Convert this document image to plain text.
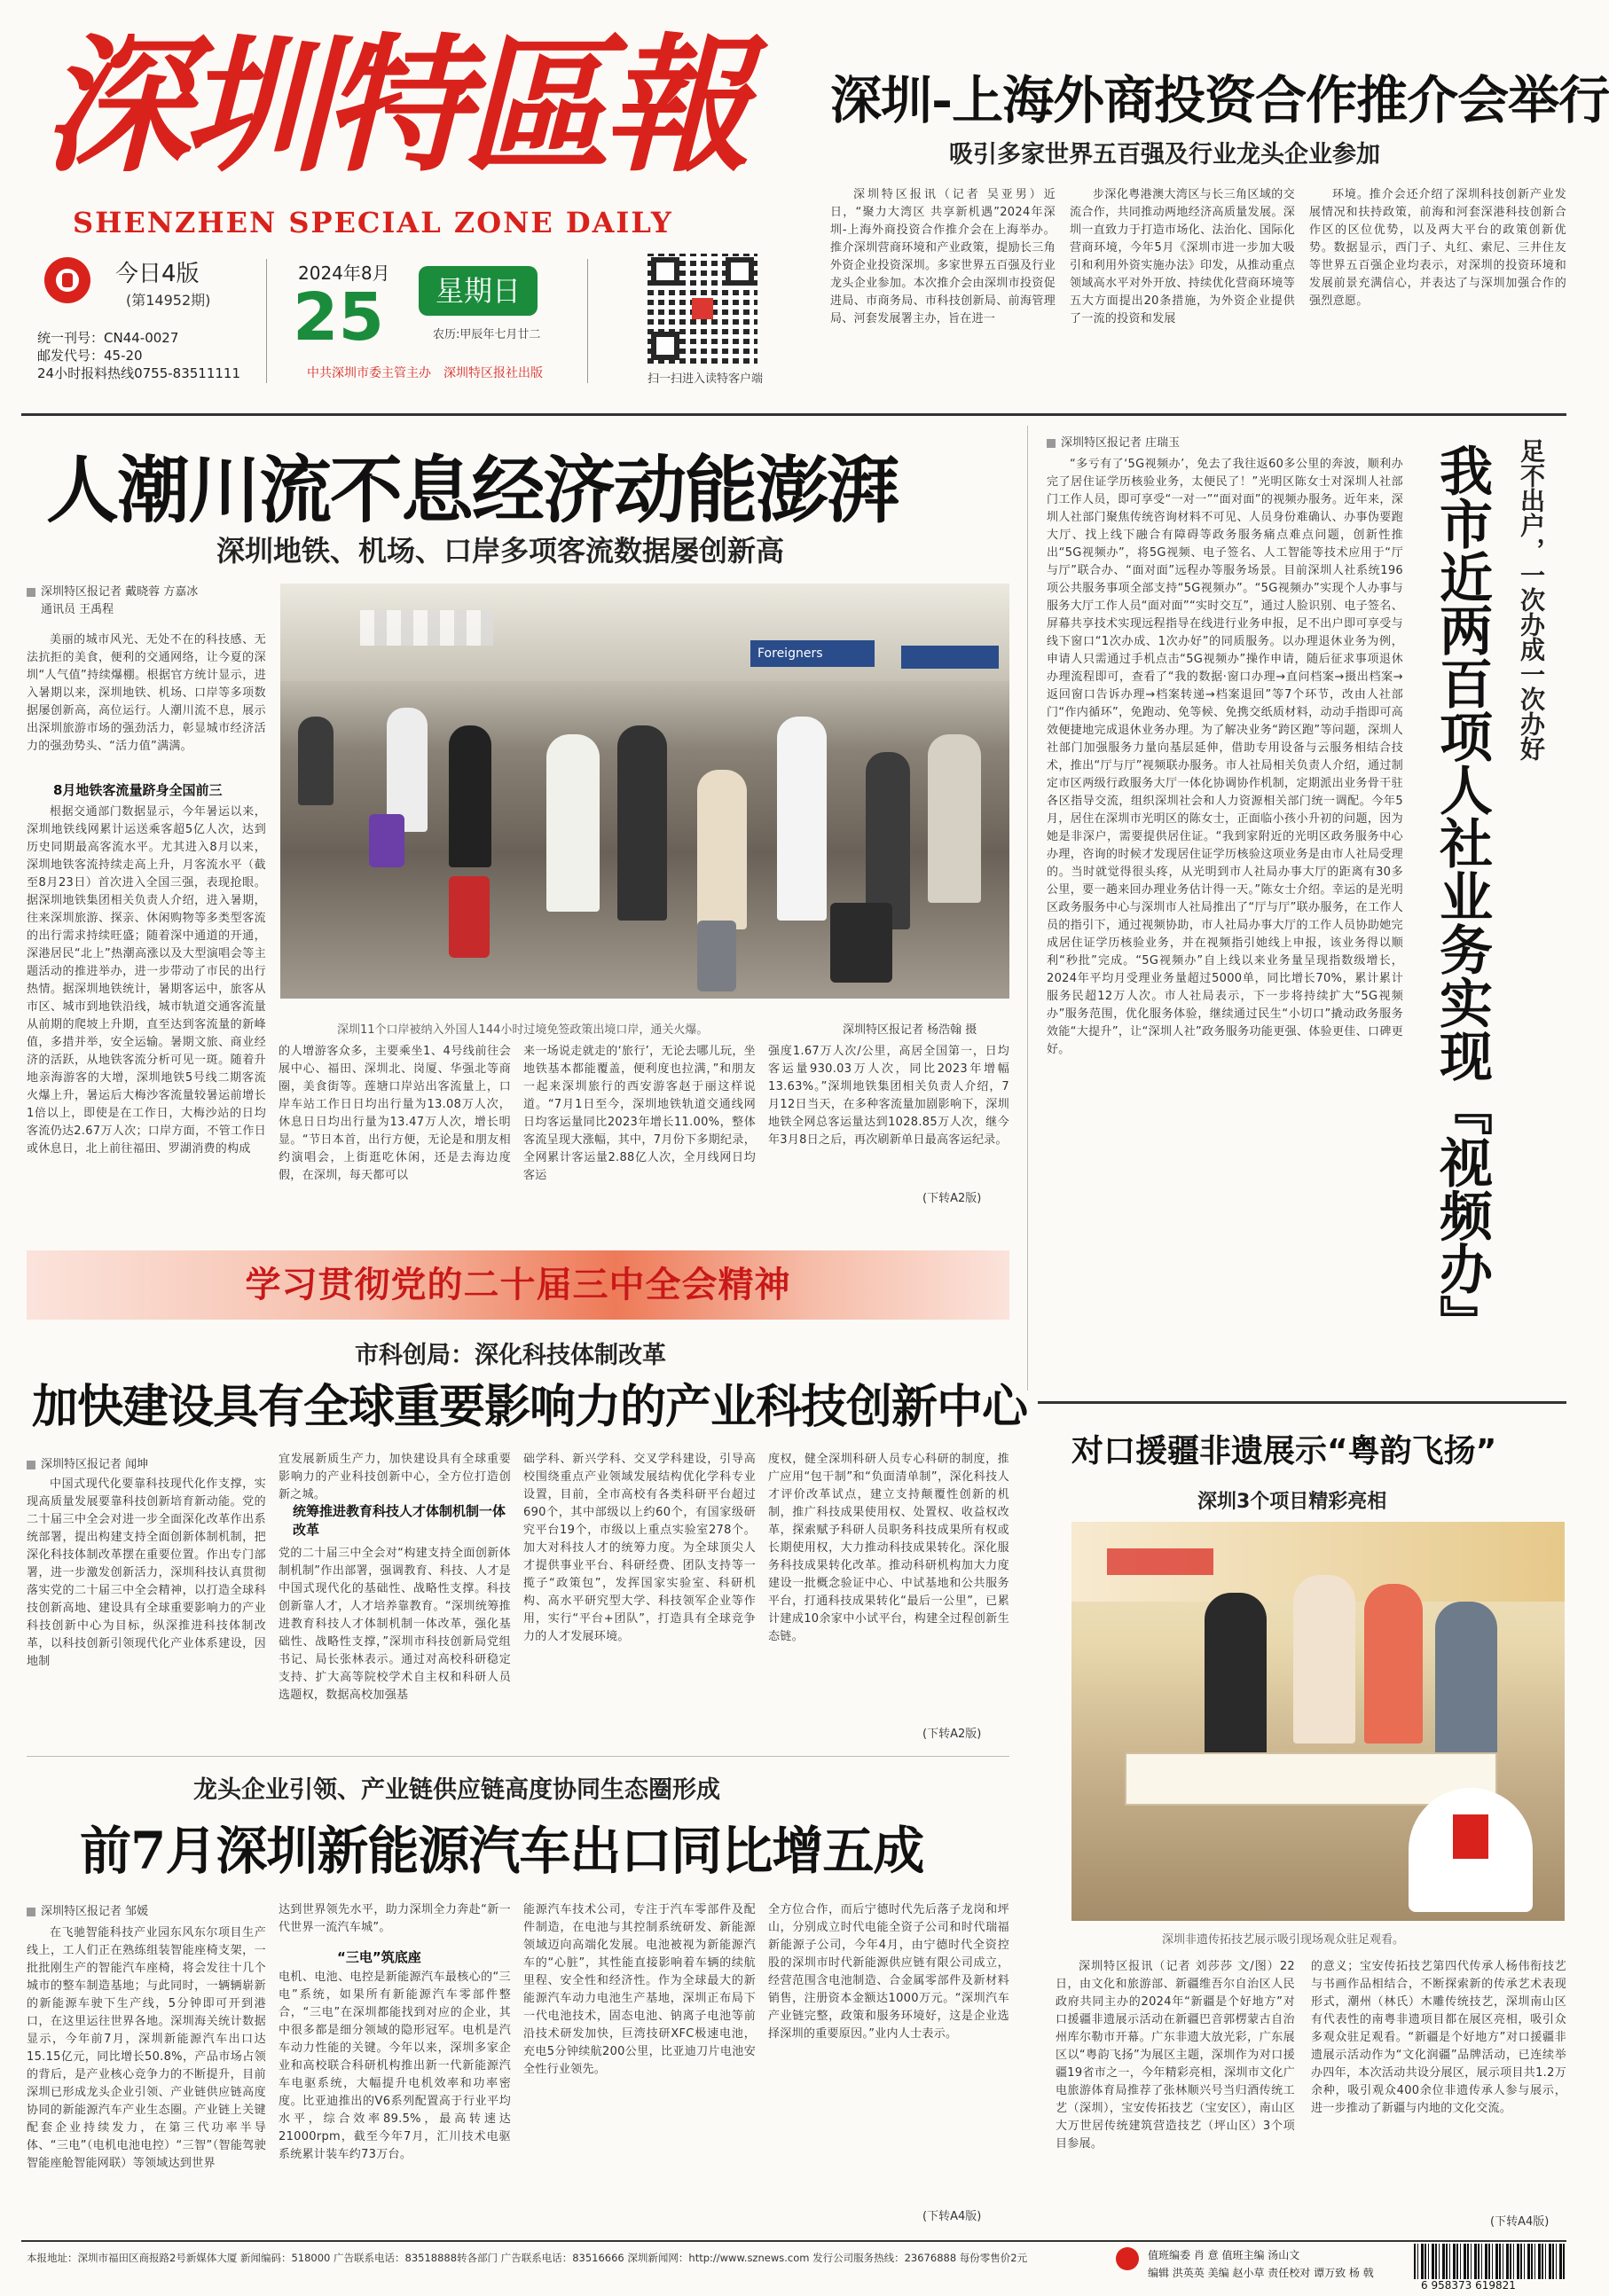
深圳特區報
SHENZHEN SPECIAL ZONE DAILY
今日4版
(第14952期)
统一刊号：CN44-0027
邮发代号：45-20
24小时报料热线0755-83511111
2024年8月
25	星期日
农历:甲辰年七月廿二
中共深圳市委主管主办　深圳特区报社出版	扫一扫进入读特客户端
深圳-上海外商投资合作推介会举行
吸引多家世界五百强及行业龙头企业参加
深圳特区报讯（记者 吴亚男）近日，“聚力大湾区 共享新机遇”2024年深圳-上海外商投资合作推介会在上海举办。推介深圳营商环境和产业政策，提励长三角外资企业投资深圳。多家世界五百强及行业龙头企业参加。本次推介会由深圳市投资促进局、市商务局、市科技创新局、前海管理局、河套发展署主办，旨在进一
步深化粤港澳大湾区与长三角区域的交流合作，共同推动两地经济高质量发展。深圳一直致力于打造市场化、法治化、国际化营商环境，今年5月《深圳市进一步加大吸引和利用外资实施办法》印发，从推动重点领域高水平对外开放、持续优化营商环境等五大方面提出20条措施，为外资企业提供了一流的投资和发展
环境。推介会还介绍了深圳科技创新产业发展情况和扶持政策，前海和河套深港科技创新合作区的区位优势，以及两大平台的政策创新优势。数据显示，西门子、丸红、索尼、三井住友等世界五百强企业均表示，对深圳的投资环境和发展前景充满信心，并表达了与深圳加强合作的强烈意愿。
人潮川流不息经济动能澎湃
深圳地铁、机场、口岸多项客流数据屡创新高
深圳特区报记者 戴晓蓉 方嘉冰
通讯员 王禹程
美丽的城市风光、无处不在的科技感、无法抗拒的美食，便利的交通网络，让今夏的深圳“人气值”持续爆棚。根据官方统计显示，进入暑期以来，深圳地铁、机场、口岸等多项数据屡创新高，高位运行。人潮川流不息，展示出深圳旅游市场的强劲活力，彰显城市经济活力的强劲势头、“活力值”满满。
8月地铁客流量跻身全国前三
根据交通部门数据显示，今年暑运以来，深圳地铁线网累计运送乘客超5亿人次，达到历史同期最高客流水平。尤其进入8月以来，深圳地铁客流持续走高上升，月客流水平（截至8月23日）首次进入全国三强，表现抢眼。据深圳地铁集团相关负责人介绍，进入暑期，往来深圳旅游、探亲、休闲购物等多类型客流的出行需求持续旺盛；随着深中通道的开通，深港居民“北上”热潮高涨以及大型演唱会等主题活动的推进举办，进一步带动了市民的出行热情。据深圳地铁统计，暑期客运中，旅客从市区、城市到地铁沿线，城市轨道交通客流量从前期的爬坡上升期，直至达到客流量的新峰值，多措并举，安全运输。暑期文旅、商业经济的活跃，从地铁客流分析可见一斑。随着升地亲海游客的大增，深圳地铁5号线二期客流火爆上升，暑运后大梅沙客流量较暑运前增长1倍以上，即使是在工作日，大梅沙站的日均客流仍达2.67万人次；口岸方面，不管工作日或休息日，北上前往福田、罗湖消费的构成
Foreigners
深圳11个口岸被纳入外国人144小时过境免签政策出境口岸，通关火爆。	深圳特区报记者 杨浩翰 摄
的人增游客众多，主要乘坐1、4号线前往会展中心、福田、深圳北、岗厦、华强北等商圈，美食街等。莲塘口岸站出客流量上，口岸车站工作日日均出行量为13.08万人次，休息日日均出行量为13.47万人次，增长明显。“节日本首，出行方便，无论是和朋友相约演唱会，上街逛吃休闲，还是去海边度假，在深圳，每天都可以
来一场说走就走的‘旅行’，无论去哪儿玩，坐地铁基本都能覆盖，便利度也拉满，”和朋友一起来深圳旅行的西安游客赵于丽这样说道。“7月1日至今，深圳地铁轨道交通线网日均客运量同比2023年增长11.00%，整体客流呈现大涨幅，其中，7月份下多期纪录，全网累计客运量2.88亿人次，全月线网日均客运
强度1.67万人次/公里，高居全国第一，日均客运量930.03万人次，同比2023年增幅13.63%。”深圳地铁集团相关负责人介绍，7月12日当天，在多种客流量加剧影响下，深圳地铁全网总客运量达到1028.85万人次，继今年3月8日之后，再次刷新单日最高客运纪录。
(下转A2版)
深圳特区报记者 庄瑞玉
“多亏有了‘5G视频办’，免去了我往返60多公里的奔波，顺利办完了居住证学历核验业务，太便民了！”光明区陈女士对深圳人社部门工作人员，即可享受“一对一”“面对面”的视频办服务。近年来，深圳人社部门聚焦传统咨询材料不可见、人员身份难确认、办事伪要跑大厅、找上线下融合有障碍等政务服务痛点难点问题，创新性推出“5G视频办”，将5G视频、电子签名、人工智能等技术应用于“厅与厅”联合办、“面对面”远程办等服务场景。目前深圳人社系统196项公共服务事项全部支持“5G视频办”。“5G视频办”实现个人办事与服务大厅工作人员“面对面”“实时交互”，通过人脸识别、电子签名、屏幕共享技术实现远程指导在线进行业务申报，足不出户即可享受与线下窗口“1次办成、1次办好”的同质服务。以办理退休业务为例，申请人只需通过手机点击“5G视频办”操作申请，随后征求事项退休办理流程即可，查看了“我的数据·窗口办理→直问档案→摄出档案→返回窗口告诉办理→档案转递→档案退回”等7个环节，改由人社部门“作内循环”，免跑动、免等候、免携交纸质材料，动动手指即可高效便捷地完成退休业务办理。为了解决业务“跨区跑”等问题，深圳人社部门加强服务力量向基层延伸，借助专用设备与云服务相结合技术，推出“厅与厅”视频联办服务。市人社局相关负责人介绍，通过制定市区两级行政服务大厅一体化协调协作机制，定期派出业务骨干驻各区指导交流，组织深圳社会和人力资源相关部门统一调配。今年5月，居住在深圳市光明区的陈女士，正面临小孩小升初的问题，因为她是非深户，需要提供居住证。“我到家附近的光明区政务服务中心办理，咨询的时候才发现居住证学历核验这项业务是由市人社局受理的。当时就觉得很头疼，从光明到市人社局办事大厅的距离有30多公里，要一趟来回办理业务估计得一天。”陈女士介绍。幸运的是光明区政务服务中心与深圳市人社局推出了“厅与厅”联办服务，在工作人员的指引下，通过视频协助，市人社局办事大厅的工作人员协助她完成居住证学历核验业务，并在视频指引她线上申报，该业务得以顺利“秒批”完成。“5G视频办”自上线以来业务量呈现指数级增长，2024年平均月受理业务量超过5000单，同比增长70%，累计累计服务民超12万人次。市人社局表示，下一步将持续扩大“5G视频办”服务范围，优化服务体验，继续通过民生“小切口”撬动政务服务效能“大提升”，让“深圳人社”政务服务功能更强、体验更佳、口碑更好。	我市近两百项人社业务实现『视频办』 足不出户，一次办成一次办好
学习贯彻党的二十届三中全会精神
市科创局：深化科技体制改革
加快建设具有全球重要影响力的产业科技创新中心
深圳特区报记者 闻坤
中国式现代化要靠科技现代化作支撑，实现高质量发展要靠科技创新培育新动能。党的二十届三中全会对进一步全面深化改革作出系统部署，提出构建支持全面创新体制机制，把深化科技体制改革摆在重要位置。作出专门部署，进一步激发创新活力，深圳科技认真贯彻落实党的二十届三中全会精神，以打造全球科技创新高地、建设具有全球重要影响力的产业科技创新中心为目标，纵深推进科技体制改革，以科技创新引领现代化产业体系建设，因地制
宜发展新质生产力，加快建设具有全球重要影响力的产业科技创新中心，全方位打造创新之城。
统筹推进教育科技人才体制机制一体改革
党的二十届三中全会对“构建支持全面创新体制机制”作出部署，强调教育、科技、人才是中国式现代化的基础性、战略性支撑。科技创新靠人才，人才培养靠教育。“深圳统筹推进教育科技人才体制机制一体改革，强化基础性、战略性支撑，”深圳市科技创新局党组书记、局长张林表示。通过对高校科研稳定支持、扩大高等院校学术自主权和科研人员选题权，数据高校加强基
础学科、新兴学科、交叉学科建设，引导高校围绕重点产业领域发展结构优化学科专业设置，目前，全市高校有各类科研平台超过690个，其中部级以上约60个，有国家级研究平台19个，市级以上重点实验室278个。加大对科技人才的统筹力度。为全球顶尖人才提供事业平台、科研经费、团队支持等一揽子“政策包”，发挥国家实验室、科研机构、高水平研究型大学、科技领军企业等作用，实行“平台+团队”，打造具有全球竞争力的人才发展环境。
度权，健全深圳科研人员专心科研的制度，推广应用“包干制”和“负面清单制”，深化科技人才评价改革试点，建立支持颠覆性创新的机制，推广科技成果使用权、处置权、收益权改革，探索赋予科研人员职务科技成果所有权或长期使用权，大力推动科技成果转化。深化服务科技成果转化改革。推动科研机构加大力度建设一批概念验证中心、中试基地和公共服务平台，打通科技成果转化“最后一公里”，已累计建成10余家中小试平台，构建全过程创新生态链。
(下转A2版)
龙头企业引领、产业链供应链高度协同生态圈形成
前7月深圳新能源汽车出口同比增五成
深圳特区报记者 邹媛
在飞驰智能科技产业园东风东尔项目生产线上，工人们正在熟练组装智能座椅支架，一批批刚生产的智能汽车座椅，将会发往十几个城市的整车制造基地；与此同时，一辆辆崭新的新能源车驶下生产线，5分钟即可开到港口，在这里运往世界各地。深圳海关统计数据显示，今年前7月，深圳新能源汽车出口达15.15亿元，同比增长50.8%，产品市场占领的背后，是产业核心竞争力的不断提升，目前深圳已形成龙头企业引领、产业链供应链高度协同的新能源汽车产业生态圈。产业链上关键配套企业持续发力，在第三代功率半导体、“三电”（电机电池电控）“三智”（智能驾驶智能座舱智能网联）等领域达到世界
达到世界领先水平，助力深圳全力奔赴“新一代世界一流汽车城”。
“三电”筑底座
电机、电池、电控是新能源汽车最核心的“三电”系统，如果所有新能源汽车零部件整合，“三电”在深圳都能找到对应的企业，其中很多都是细分领域的隐形冠军。电机是汽车动力性能的关键。今年以来，深圳多家企业和高校联合科研机构推出新一代新能源汽车电驱系统，大幅提升电机效率和功率密度。比亚迪推出的V6系列配置高于行业平均水平，综合效率89.5%，最高转速达21000rpm，截至今年7月，汇川技术电驱系统累计装车约73万台。
能源汽车技术公司，专注于汽车零部件及配件制造，在电池与其控制系统研发、新能源领域迈向高端化发展。电池被视为新能源汽车的“心脏”，其性能直接影响着车辆的续航里程、安全性和经济性。作为全球最大的新能源汽车动力电池生产基地，深圳正布局下一代电池技术，固态电池、钠离子电池等前沿技术研发加快，巨湾技研XFC极速电池，充电5分钟续航200公里，比亚迪刀片电池安全性行业领先。
全方位合作，而后宁德时代先后落子龙岗和坪山，分别成立时代电能全资子公司和时代瑞福新能源子公司，今年4月，由宁德时代全资控股的深圳市时代新能源供应链有限公司成立，经营范围含电池制造、合金属零部件及新材料销售，注册资本金额达1000万元。“深圳汽车产业链完整，政策和服务环境好，这是企业选择深圳的重要原因。”业内人士表示。
(下转A4版)
对口援疆非遗展示“粤韵飞扬”
深圳3个项目精彩亮相
深圳非遗传拓技艺展示吸引现场观众驻足观看。
深圳特区报讯（记者 刘莎莎 文/图）22日，由文化和旅游部、新疆维吾尔自治区人民政府共同主办的2024年“新疆是个好地方”对口援疆非遗展示活动在新疆巴音郭楞蒙古自治州库尔勒市开幕。广东非遗大放光彩，广东展区以“粤韵飞扬”为展区主题，深圳作为对口援疆19省市之一，今年精彩亮相，深圳市文化广电旅游体育局推荐了张林顺兴号当归酒传统工艺（深圳），宝安传拓技艺（宝安区），南山区大万世居传统建筑营造技艺（坪山区）3个项目参展。
的意义；宝安传拓技艺第四代传承人杨伟衔技艺与书画作品相结合，不断探索新的传承艺术表现形式，潮州（林氏）木雕传统技艺，深圳南山区有代表性的南粤非遗项目都在展区亮相，吸引众多观众驻足观看。“新疆是个好地方”对口援疆非遗展示活动作为“文化润疆”品牌活动，已连续举办四年，本次活动共设分展区，展示项目共1.2万余种，吸引观众400余位非遗传承人参与展示，进一步推动了新疆与内地的文化交流。
(下转A4版)
本报地址：深圳市福田区商报路2号新媒体大厦 新闻编码：518000 广告联系电话：83518888转各部门 广告联系电话：83516666 深圳新闻网：http://www.sznews.com 发行公司服务热线：23676888 每份零售价2元	值班编委 肖 意 值班主编 汤山文
编辑 洪英英 美编 赵小草 责任校对 谭万致 杨 戟
6 958373 619821
